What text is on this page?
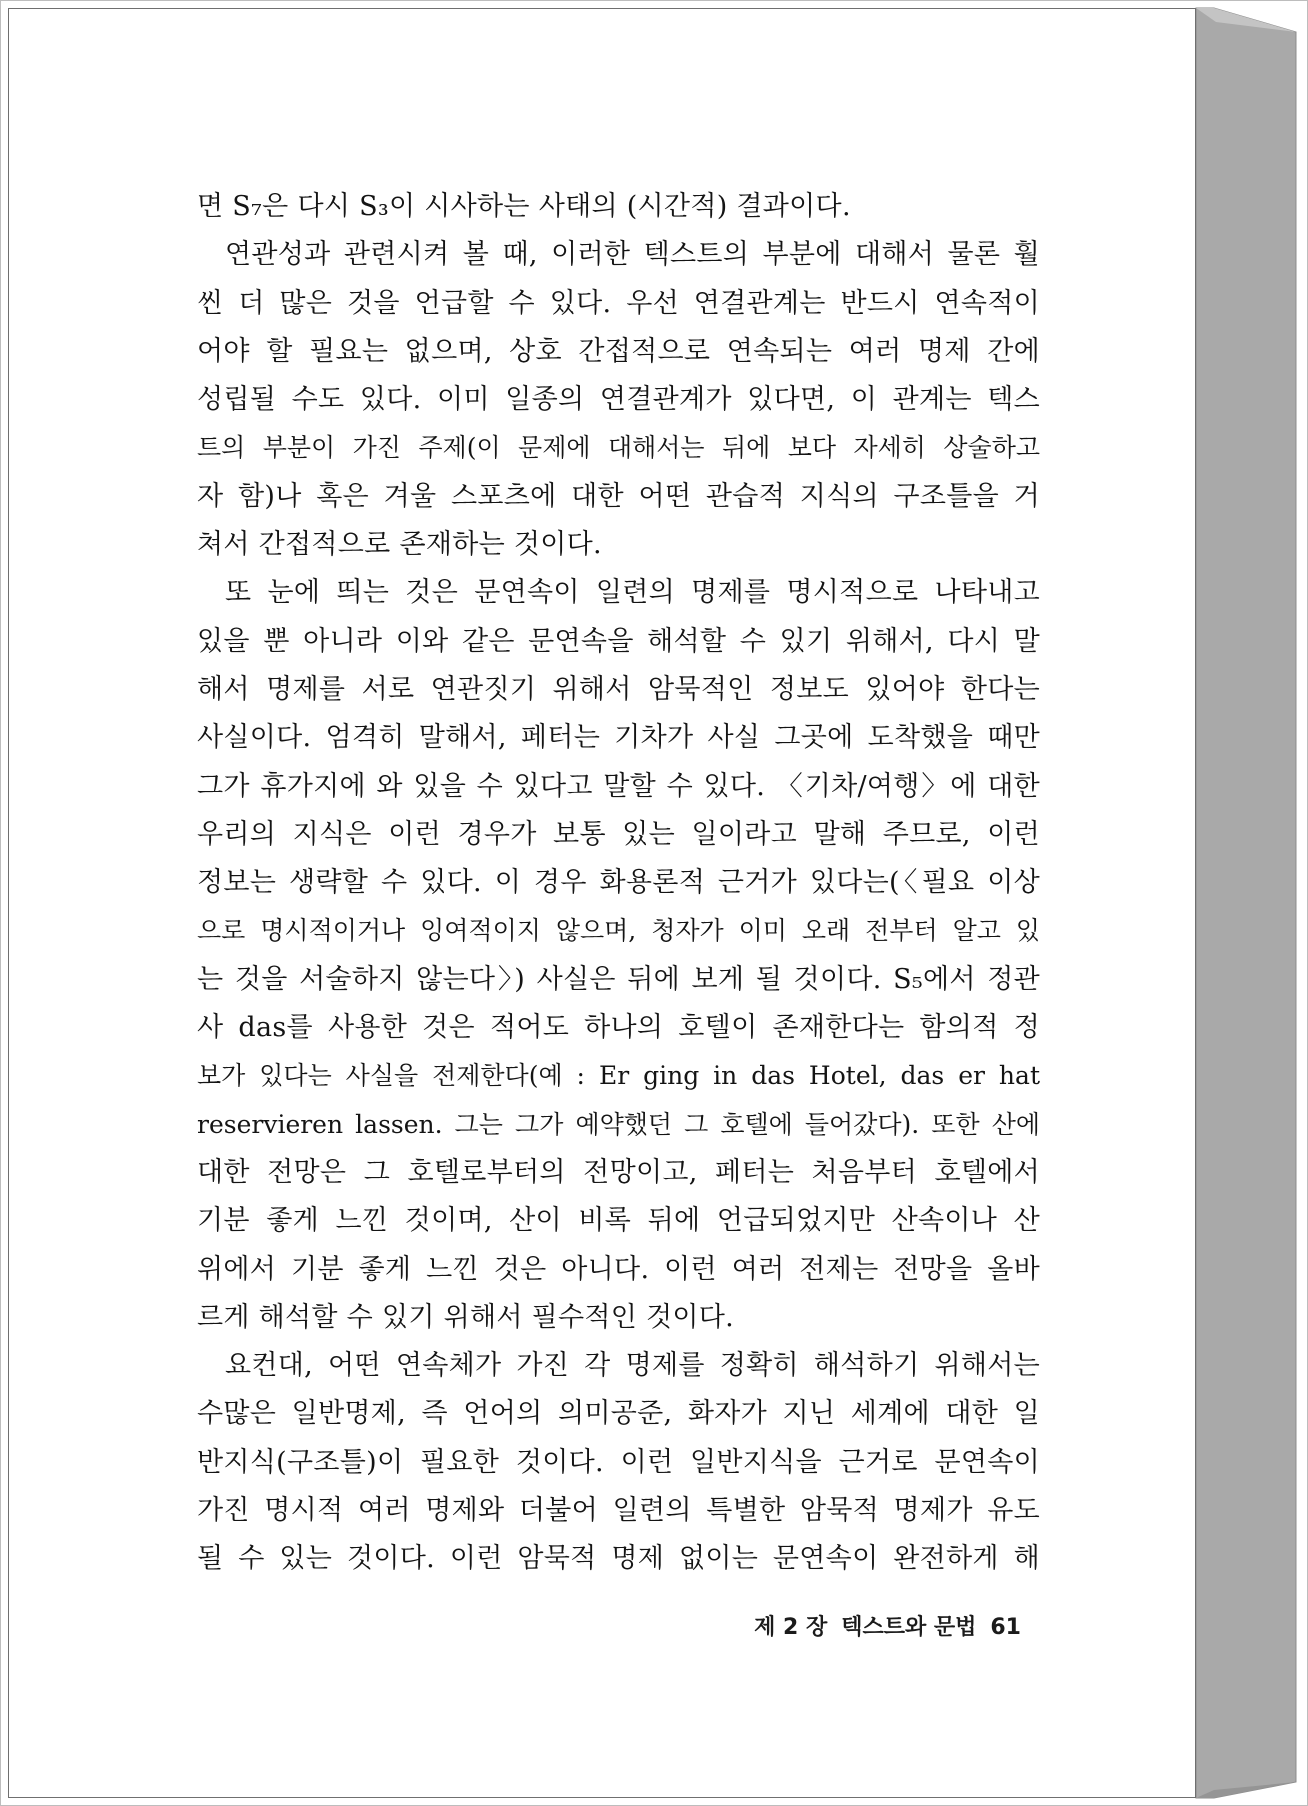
면 S₇은 다시 S₃이 시사하는 사태의 (시간적) 결과이다.
연관성과 관련시켜 볼 때, 이러한 텍스트의 부분에 대해서 물론 훨
씬 더 많은 것을 언급할 수 있다. 우선 연결관계는 반드시 연속적이
어야 할 필요는 없으며, 상호 간접적으로 연속되는 여러 명제 간에
성립될 수도 있다. 이미 일종의 연결관계가 있다면, 이 관계는 텍스
트의 부분이 가진 주제(이 문제에 대해서는 뒤에 보다 자세히 상술하고
자 함)나 혹은 겨울 스포츠에 대한 어떤 관습적 지식의 구조틀을 거
쳐서 간접적으로 존재하는 것이다.
또 눈에 띄는 것은 문연속이 일련의 명제를 명시적으로 나타내고
있을 뿐 아니라 이와 같은 문연속을 해석할 수 있기 위해서, 다시 말
해서 명제를 서로 연관짓기 위해서 암묵적인 정보도 있어야 한다는
사실이다. 엄격히 말해서, 페터는 기차가 사실 그곳에 도착했을 때만
그가 휴가지에 와 있을 수 있다고 말할 수 있다. 〈기차/여행〉에 대한
우리의 지식은 이런 경우가 보통 있는 일이라고 말해 주므로, 이런
정보는 생략할 수 있다. 이 경우 화용론적 근거가 있다는(〈필요 이상
으로 명시적이거나 잉여적이지 않으며, 청자가 이미 오래 전부터 알고 있
는 것을 서술하지 않는다〉) 사실은 뒤에 보게 될 것이다. S₅에서 정관
사 das를 사용한 것은 적어도 하나의 호텔이 존재한다는 함의적 정
보가 있다는 사실을 전제한다(예 : Er ging in das Hotel, das er hat
reservieren lassen. 그는 그가 예약했던 그 호텔에 들어갔다). 또한 산에
대한 전망은 그 호텔로부터의 전망이고, 페터는 처음부터 호텔에서
기분 좋게 느낀 것이며, 산이 비록 뒤에 언급되었지만 산속이나 산
위에서 기분 좋게 느낀 것은 아니다. 이런 여러 전제는 전망을 올바
르게 해석할 수 있기 위해서 필수적인 것이다.
요컨대, 어떤 연속체가 가진 각 명제를 정확히 해석하기 위해서는
수많은 일반명제, 즉 언어의 의미공준, 화자가 지닌 세계에 대한 일
반지식(구조틀)이 필요한 것이다. 이런 일반지식을 근거로 문연속이
가진 명시적 여러 명제와 더불어 일련의 특별한 암묵적 명제가 유도
될 수 있는 것이다. 이런 암묵적 명제 없이는 문연속이 완전하게 해
제 2 장 텍스트와 문법 61
